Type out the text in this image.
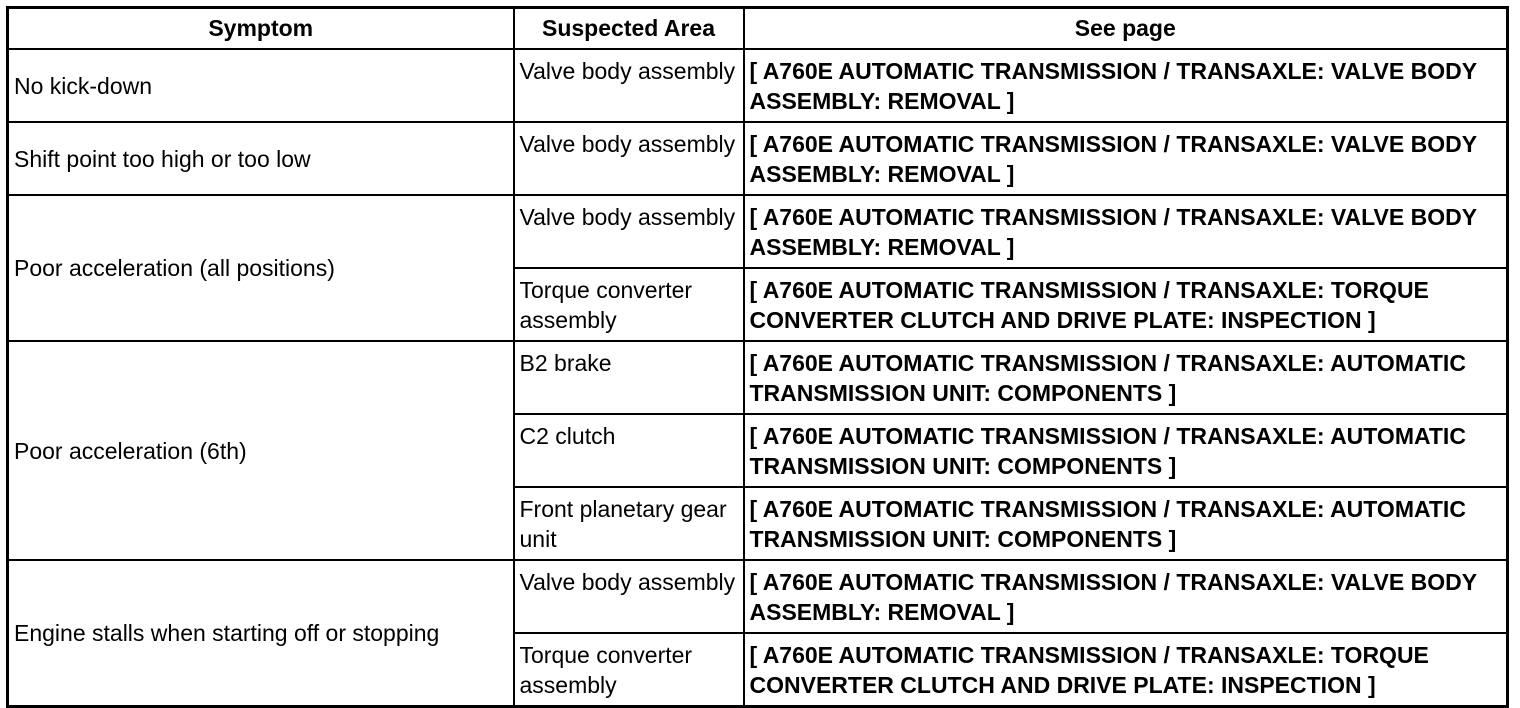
Symptom	Suspected Area	See page
No kick-down	Valve body assembly	[ A760E AUTOMATIC TRANSMISSION / TRANSAXLE: VALVE BODY ASSEMBLY: REMOVAL ]
Shift point too high or too low	Valve body assembly	[ A760E AUTOMATIC TRANSMISSION / TRANSAXLE: VALVE BODY ASSEMBLY: REMOVAL ]
Poor acceleration (all positions)	Valve body assembly	[ A760E AUTOMATIC TRANSMISSION / TRANSAXLE: VALVE BODY ASSEMBLY: REMOVAL ]
	Torque converter assembly	[ A760E AUTOMATIC TRANSMISSION / TRANSAXLE: TORQUE CONVERTER CLUTCH AND DRIVE PLATE: INSPECTION ]
Poor acceleration (6th)	B2 brake	[ A760E AUTOMATIC TRANSMISSION / TRANSAXLE: AUTOMATIC TRANSMISSION UNIT: COMPONENTS ]
	C2 clutch	[ A760E AUTOMATIC TRANSMISSION / TRANSAXLE: AUTOMATIC TRANSMISSION UNIT: COMPONENTS ]
	Front planetary gear unit	[ A760E AUTOMATIC TRANSMISSION / TRANSAXLE: AUTOMATIC TRANSMISSION UNIT: COMPONENTS ]
Engine stalls when starting off or stopping	Valve body assembly	[ A760E AUTOMATIC TRANSMISSION / TRANSAXLE: VALVE BODY ASSEMBLY: REMOVAL ]
	Torque converter assembly	[ A760E AUTOMATIC TRANSMISSION / TRANSAXLE: TORQUE CONVERTER CLUTCH AND DRIVE PLATE: INSPECTION ]
